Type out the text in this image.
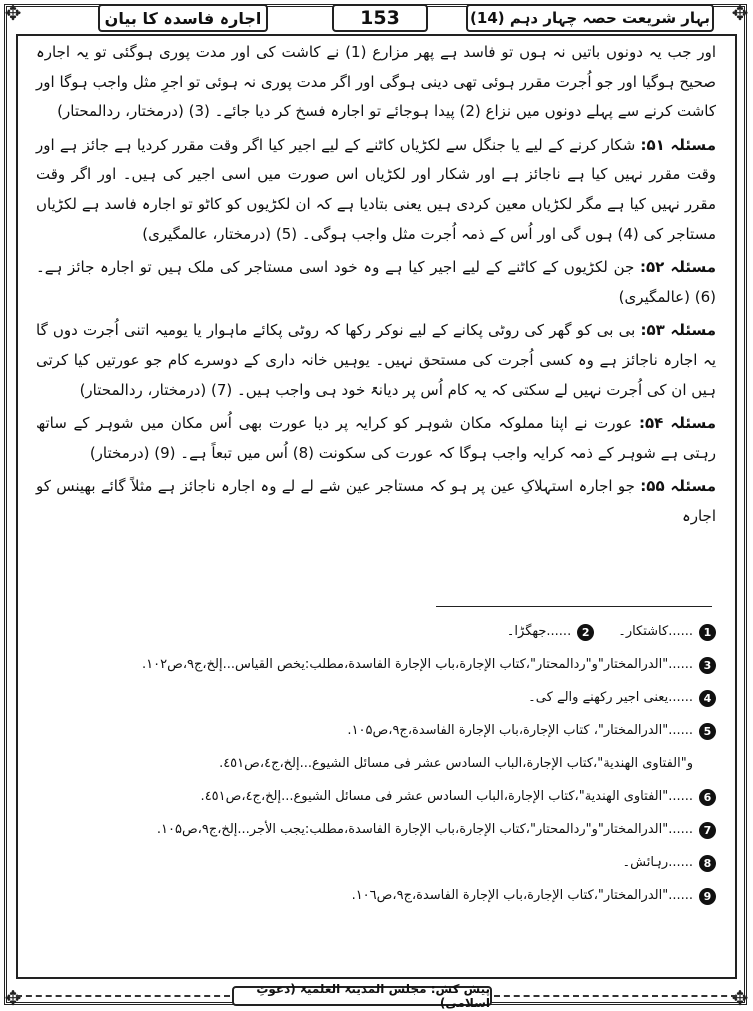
✥	✥
✥	✥
بہار شریعت حصہ چہار دہم (14)
153
اجارہ فاسدہ کا بیان

اور جب یہ دونوں باتیں نہ ہوں تو فاسد ہے پھر مزارع (1) نے کاشت کی اور مدت پوری ہوگئی تو یہ اجارہ صحیح ہوگیا اور جو اُجرت مقرر ہوئی تھی دینی ہوگی اور اگر مدت پوری نہ ہوئی تو اجرِ مثل واجب ہوگا اور کاشت کرنے سے پہلے دونوں میں نزاع (2) پیدا ہوجائے تو اجارہ فسخ کر دیا جائے۔ (3) (درمختار، ردالمحتار)

مسئلہ ۵۱: شکار کرنے کے لیے یا جنگل سے لکڑیاں کاٹنے کے لیے اجیر کیا اگر وقت مقرر کردیا ہے جائز ہے اور وقت مقرر نہیں کیا ہے ناجائز ہے اور شکار اور لکڑیاں اس صورت میں اسی اجیر کی ہیں۔ اور اگر وقت مقرر نہیں کیا ہے مگر لکڑیاں معین کردی ہیں یعنی بتادیا ہے کہ ان لکڑیوں کو کاٹو تو اجارہ فاسد ہے لکڑیاں مستاجر کی (4) ہوں گی اور اُس کے ذمہ اُجرت مثل واجب ہوگی۔ (5) (درمختار، عالمگیری)

مسئلہ ۵۲: جن لکڑیوں کے کاٹنے کے لیے اجیر کیا ہے وہ خود اسی مستاجر کی ملک ہیں تو اجارہ جائز ہے۔ (6) (عالمگیری)

مسئلہ ۵۳: بی بی کو گھر کی روٹی پکانے کے لیے نوکر رکھا کہ روٹی پکائے ماہوار یا یومیہ اتنی اُجرت دوں گا یہ اجارہ ناجائز ہے وہ کسی اُجرت کی مستحق نہیں۔ یوہیں خانہ داری کے دوسرے کام جو عورتیں کیا کرتی ہیں ان کی اُجرت نہیں لے سکتی کہ یہ کام اُس پر دیانۃً خود ہی واجب ہیں۔ (7) (درمختار، ردالمحتار)

مسئلہ ۵۴: عورت نے اپنا مملوکہ مکان شوہر کو کرایہ پر دیا عورت بھی اُس مکان میں شوہر کے ساتھ رہتی ہے شوہر کے ذمہ کرایہ واجب ہوگا کہ عورت کی سکونت (8) اُس میں تبعاً ہے۔ (9) (درمختار)

مسئلہ ۵۵: جو اجارہ استہلاکِ عین پر ہو کہ مستاجر عین شے لے لے وہ اجارہ ناجائز ہے مثلاً گائے بھینس کو اجارہ

1
......کاشتکار۔
2
......جھگڑا۔
3
......"الدرالمختار"و"ردالمحتار"،کتاب الإجارة،باب الإجارة الفاسدة،مطلب:یخص القیاس...إلخ،ج۹،ص۱۰۲.
4
......یعنی اجیر رکھنے والے کی۔
5
......"الدرالمختار"، کتاب الإجارة،باب الإجارة الفاسدة،ج۹،ص۱۰۵.
و"الفتاوی الھندیة"،کتاب الإجارة،الباب السادس عشر فی مسائل الشیوع...إلخ،ج٤،ص٤٥١.
6
......"الفتاوی الھندیة"،کتاب الإجارة،الباب السادس عشر فی مسائل الشیوع...إلخ،ج٤،ص٤٥١.
7
......"الدرالمختار"و"ردالمحتار"،کتاب الإجارة،باب الإجارة الفاسدة،مطلب:یجب الأجر...إلخ،ج۹،ص۱۰۵.
8
......رہائش۔
9
......"الدرالمختار"،کتاب الإجارة،باب الإجارة الفاسدة،ج۹،ص۱۰٦.
پیش کش: مجلس المدینۃ العلمیۃ (دعوتِ اسلامی)
